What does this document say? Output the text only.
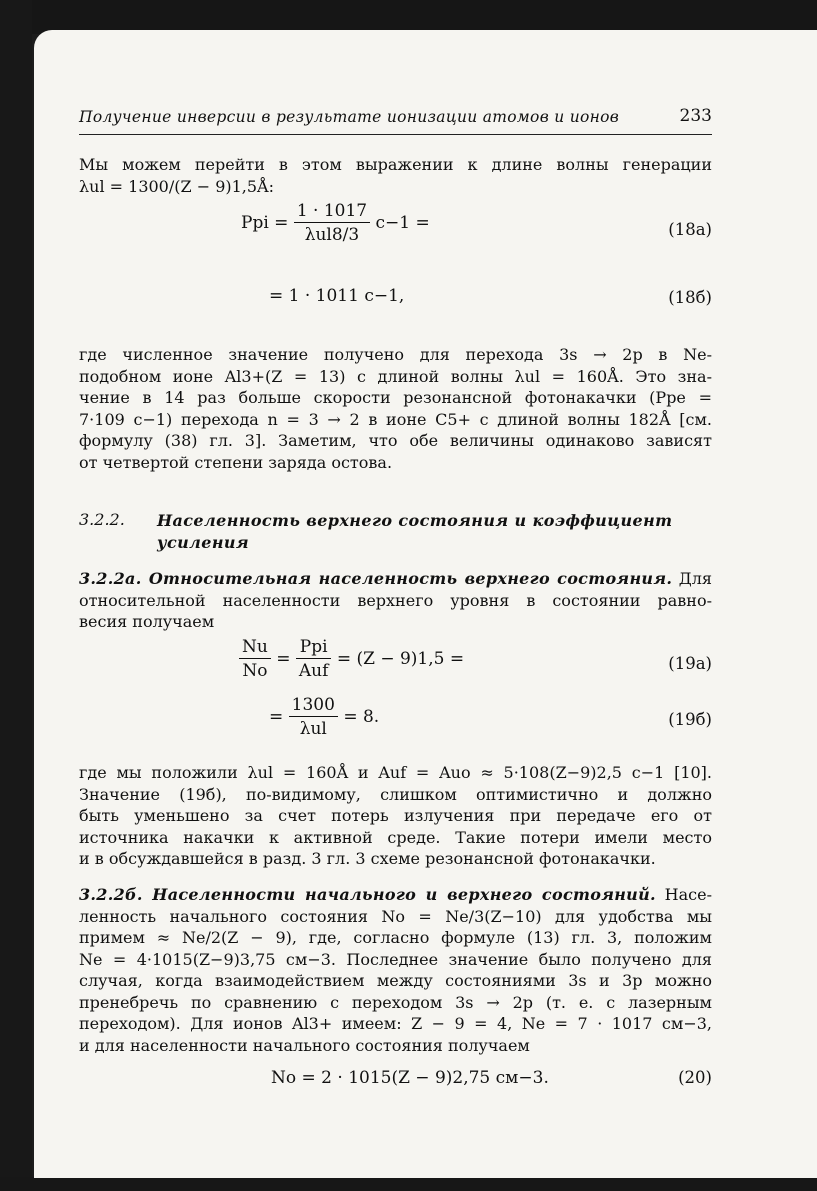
Получение инверсии в результате ионизации атомов и ионов	233
Мы можем перейти в этом выражении к длине волны генерации
λul = 1300/(Z − 9)1,5Å:
Ppi = $\frac{1 \cdot 1017}{\text{λul8/3}} c-1$ =	(18a)
= 1 · 1011 c−1,	(18б)
где численное значение получено для перехода 3s → 2p в Ne-
подобном ионе Al3+(Z = 13) с длиной волны λul = 160Å. Это зна-
чение в 14 раз больше скорости резонансной фотонакачки (Ppe =
7·109 c−1) перехода n = 3 → 2 в ионе C5+ с длиной волны 182Å [см.
формулу (38) гл. 3]. Заметим, что обе величины одинаково зависят
от четвертой степени заряда остова.
3.2.2. Населенность верхнего состояния и коэффициент усиления
3.2.2а. Относительная населенность верхнего состояния. Для
относительной населенности верхнего уровня в состоянии равно-
весия получаем
$\frac{Nu}{No} = \frac{\text{Ppi}}{\text{Auf}} = (Z - 9)1,5$ =	(19a)
= $\frac{1300}{\text{λul}} = 8$.	(19б)
где мы положили λul = 160Å и Auf = Auo ≈ 5·108(Z−9)2,5 c−1 [10].
Значение (19б), по-видимому, слишком оптимистично и должно
быть уменьшено за счет потерь излучения при передаче его от
источника накачки к активной среде. Такие потери имели место
и в обсуждавшейся в разд. 3 гл. 3 схеме резонансной фотонакачки.
3.2.2б. Населенности начального и верхнего состояний. Насе-
ленность начального состояния No = Ne/3(Z−10) для удобства мы
примем ≈ Ne/2(Z − 9), где, согласно формуле (13) гл. 3, положим
Ne = 4·1015(Z−9)3,75 см−3. Последнее значение было получено для
случая, когда взаимодействием между состояниями 3s и 3p можно
пренебречь по сравнению с переходом 3s → 2p (т. е. с лазерным
переходом). Для ионов Al3+ имеем: Z − 9 = 4, Ne = 7 · 1017 см−3,
и для населенности начального состояния получаем
No = 2 · 1015(Z − 9)2,75 см−3.	(20)
